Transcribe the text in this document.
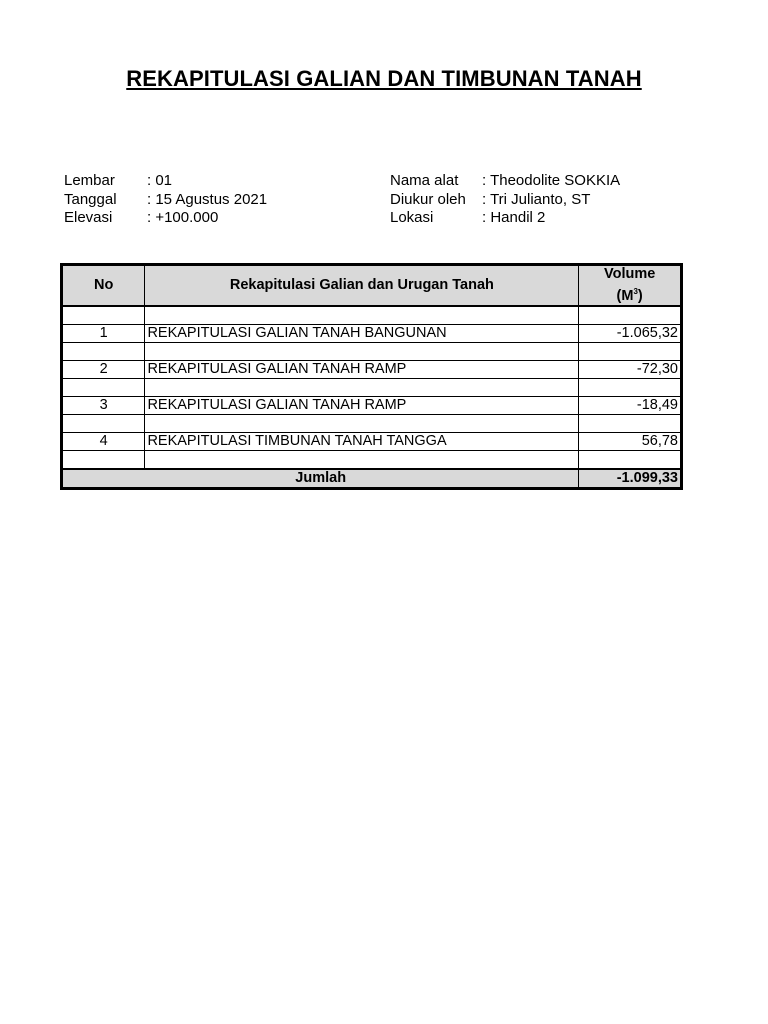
REKAPITULASI GALIAN DAN TIMBUNAN TANAH
Lembar	: 01
Tanggal	: 15 Agustus 2021
Elevasi	: +100.000
Nama alat	: Theodolite SOKKIA
Diukur oleh	: Tri Julianto, ST
Lokasi	: Handil 2
No	Rekapitulasi Galian dan Urugan Tanah	Volume
$(M^3)$

1	REKAPITULASI GALIAN TANAH BANGUNAN	-1.065,32

2	REKAPITULASI GALIAN TANAH RAMP	-72,30

3	REKAPITULASI GALIAN TANAH RAMP	-18,49

4	REKAPITULASI TIMBUNAN TANAH TANGGA	56,78

Jumlah		-1.099,33
